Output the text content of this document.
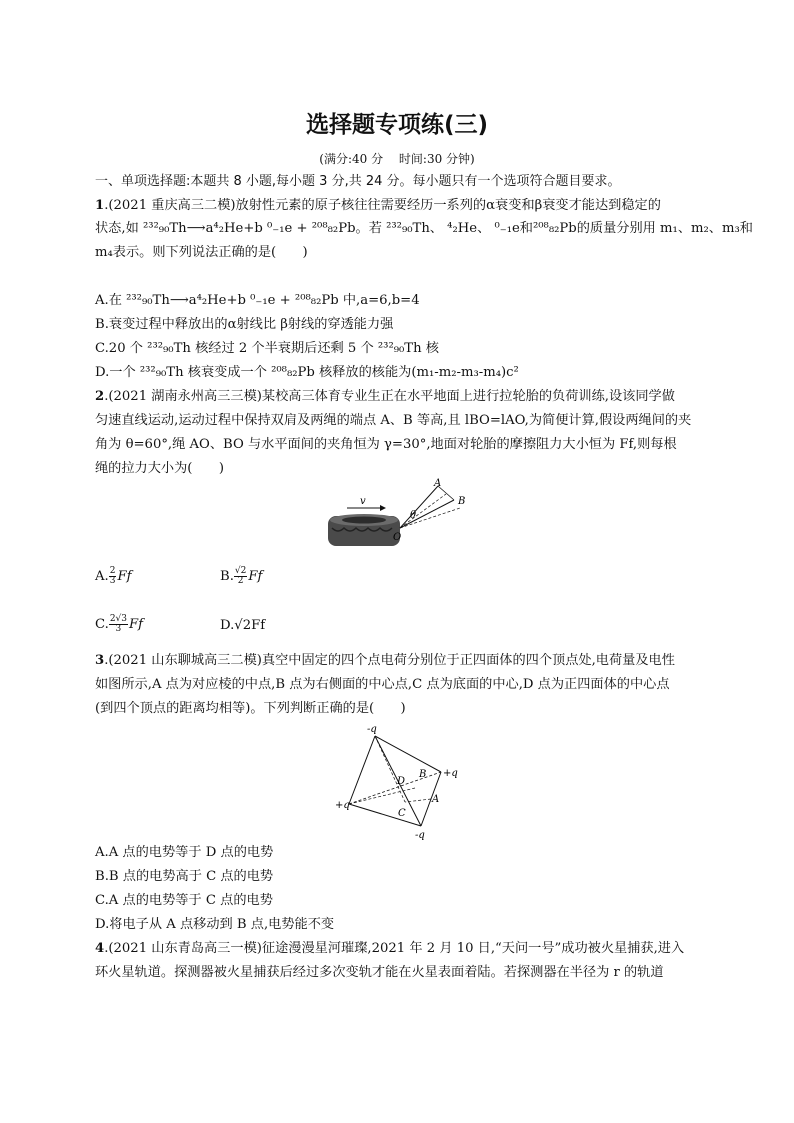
选择题专项练(三)
(满分:40 分　 时间:30 分钟)
一、单项选择题:本题共 8 小题,每小题 3 分,共 24 分。每小题只有一个选项符合题目要求。
1.(2021 重庆高三二模)放射性元素的原子核往往需要经历一系列的α衰变和β衰变才能达到稳定的
状态,如 ²³²₉₀Th⟶a⁴₂He+b ⁰₋₁e + ²⁰⁸₈₂Pb。若 ²³²₉₀Th、 ⁴₂He、 ⁰₋₁e和²⁰⁸₈₂Pb的质量分别用 m₁、m₂、m₃和
m₄表示。则下列说法正确的是(　　)
A.在 ²³²₉₀Th⟶a⁴₂He+b ⁰₋₁e + ²⁰⁸₈₂Pb 中,a=6,b=4
B.衰变过程中释放出的α射线比 β射线的穿透能力强
C.20 个 ²³²₉₀Th 核经过 2 个半衰期后还剩 5 个 ²³²₉₀Th 核
D.一个 ²³²₉₀Th 核衰变成一个 ²⁰⁸₈₂Pb 核释放的核能为(m₁-m₂-m₃-m₄)c²
2.(2021 湖南永州高三三模)某校高三体育专业生正在水平地面上进行拉轮胎的负荷训练,设该同学做
匀速直线运动,运动过程中保持双肩及两绳的端点 A、B 等高,且 lBO=lAO,为简便计算,假设两绳间的夹
角为 θ=60°,绳 AO、BO 与水平面间的夹角恒为 γ=30°,地面对轮胎的摩擦阻力大小恒为 Ff,则每根
绳的拉力大小为(　　)
v
A
B
O
θ
A. $\frac{2}{3}$ Ff	B. $\frac{√2}{2}$ Ff
C. $\frac{2√3}{3}$ Ff	D.√2Ff
3.(2021 山东聊城高三二模)真空中固定的四个点电荷分别位于正四面体的四个顶点处,电荷量及电性
如图所示,A 点为对应棱的中点,B 点为右侧面的中心点,C 点为底面的中心,D 点为正四面体的中心点
(到四个顶点的距离均相等)。下列判断正确的是(　　)
-q
+q
+q
-q
A
B
C
D
A.A 点的电势等于 D 点的电势
B.B 点的电势高于 C 点的电势
C.A 点的电势等于 C 点的电势
D.将电子从 A 点移动到 B 点,电势能不变
4.(2021 山东青岛高三一模)征途漫漫星河璀璨,2021 年 2 月 10 日,“天问一号”成功被火星捕获,进入
环火星轨道。探测器被火星捕获后经过多次变轨才能在火星表面着陆。若探测器在半径为 r 的轨道
